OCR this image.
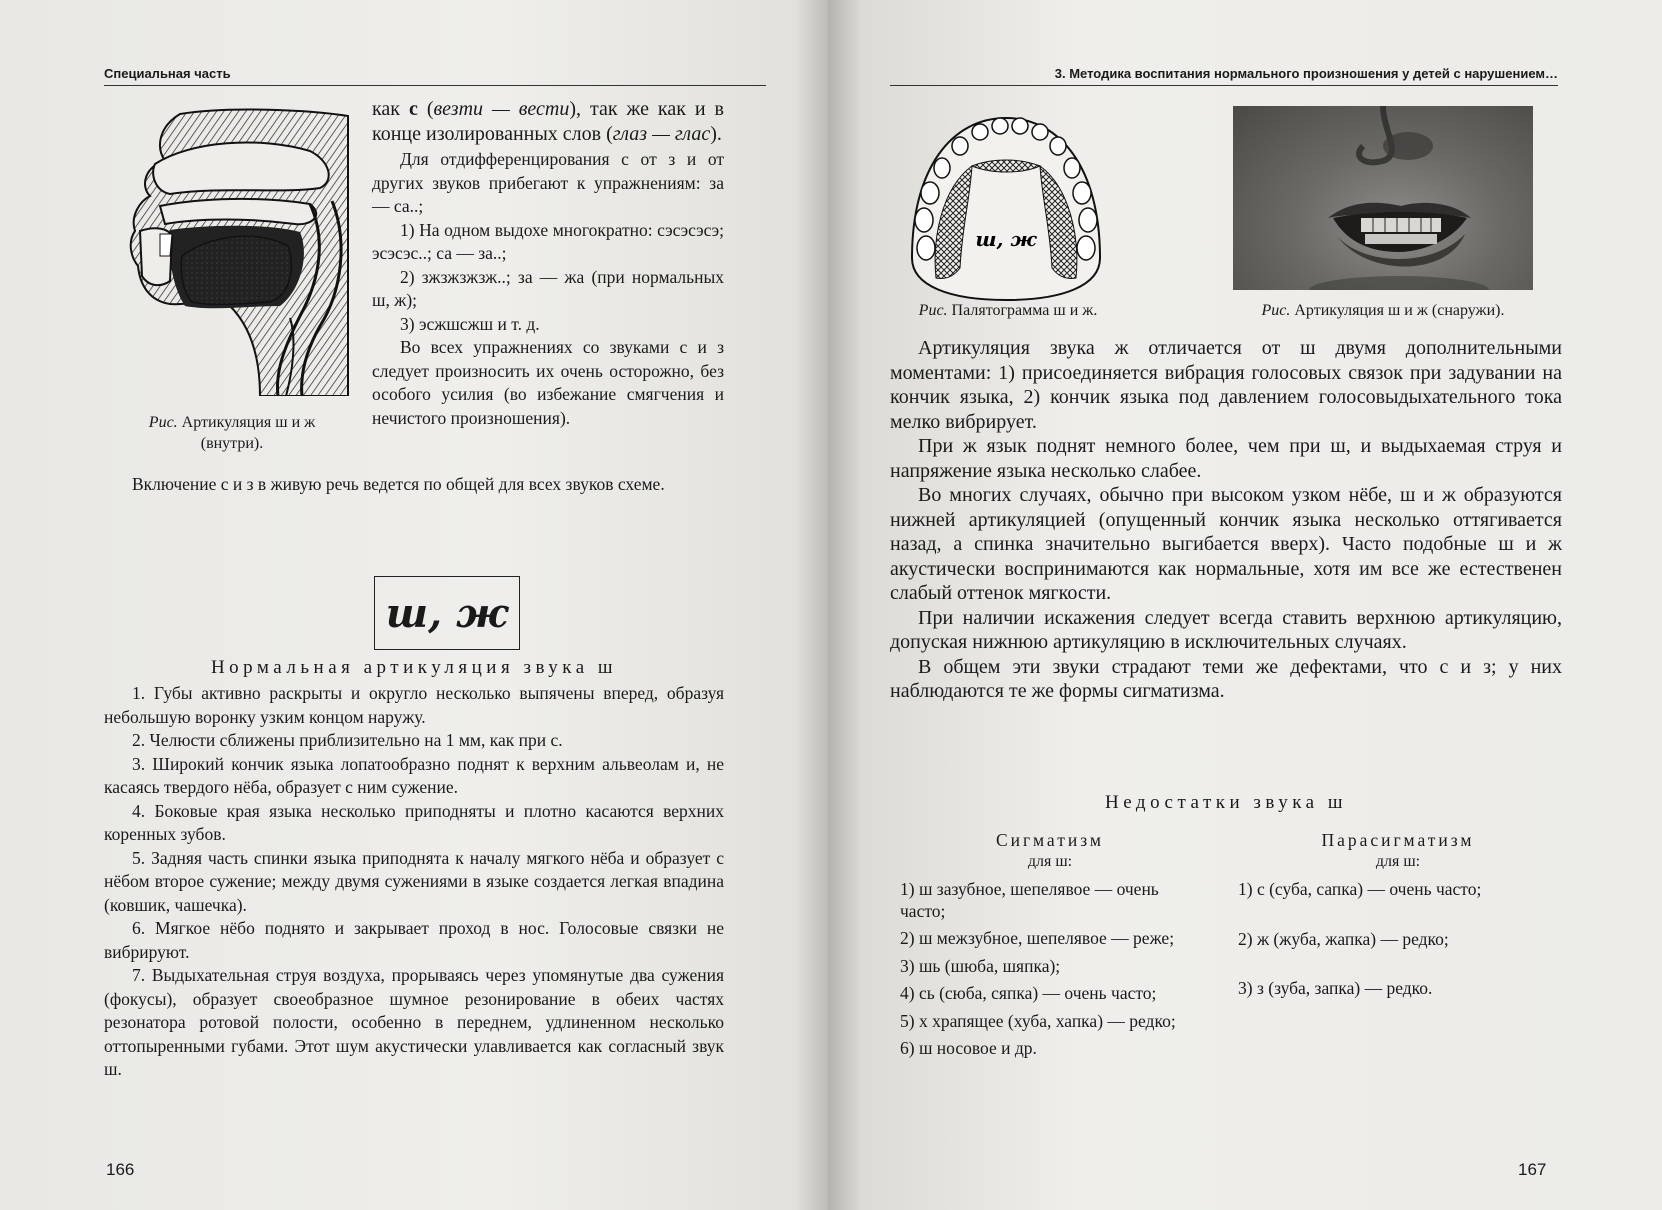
Специальная часть
Рис. Артикуляция ш и ж
(внутри).

как с (везти — вести), так же как и в конце изолированных слов (глаз — глас).

Для отдифференцирования с от з и от других звуков прибегают к упражнениям: за — са..;

1) На одном выдохе многократно: сэсэсэсэ; эсэсэс..; са — за..;

2) зжзжзжзж..; за — жа (при нормальных ш, ж);

3) эсжшсжш и т. д.

Во всех упражнениях со звуками с и з следует произносить их очень осторожно, без особого усилия (во избежание смягчения и нечистого произношения).

Включение с и з в живую речь ведется по общей для всех звуков схеме.

ш, ж
Нормальная артикуляция звука ш

1. Губы активно раскрыты и округло несколько выпячены вперед, образуя небольшую воронку узким концом наружу.

2. Челюсти сближены приблизительно на 1 мм, как при с.

3. Широкий кончик языка лопатообразно поднят к верхним альвеолам и, не касаясь твердого нёба, образует с ним сужение.

4. Боковые края языка несколько приподняты и плотно касаются верхних коренных зубов.

5. Задняя часть спинки языка приподнята к началу мягкого нёба и образует с нёбом второе сужение; между двумя сужениями в языке создается легкая впадина (ковшик, чашечка).

6. Мягкое нёбо поднято и закрывает проход в нос. Голосовые связки не вибрируют.

7. Выдыхательная струя воздуха, прорываясь через упомянутые два сужения (фокусы), образует своеобразное шумное резонирование в обеих частях резонатора ротовой полости, особенно в переднем, удлиненном несколько оттопыренными губами. Этот шум акустически улавливается как согласный звук ш.

166
3. Методика воспитания нормального произношения у детей с нарушением…
ш, ж
Рис. Палятограмма ш и ж.	Рис. Артикуляция ш и ж (снаружи).

Артикуляция звука ж отличается от ш двумя дополнительными моментами: 1) присоединяется вибрация голосовых связок при задувании на кончик языка, 2) кончик языка под давлением голосовыдыхательного тока мелко вибрирует.

При ж язык поднят немного более, чем при ш, и выдыхаемая струя и напряжение языка несколько слабее.

Во многих случаях, обычно при высоком узком нёбе, ш и ж образуются нижней артикуляцией (опущенный кончик языка несколько оттягивается назад, а спинка значительно выгибается вверх). Часто подобные ш и ж акустически воспринимаются как нормальные, хотя им все же естественен слабый оттенок мягкости.

При наличии искажения следует всегда ставить верхнюю артикуляцию, допуская нижнюю артикуляцию в исключительных случаях.

В общем эти звуки страдают теми же дефектами, что с и з; у них наблюдаются те же формы сигматизма.

Недостатки звука ш

Сигматизм

для ш:

1) ш зазубное, шепелявое — очень часто;

2) ш межзубное, шепелявое — реже;

3) шь (шюба, шяпка);

4) сь (сюба, сяпка) — очень часто;

5) х храпящее (хуба, хапка) — редко;

6) ш носовое и др.

Парасигматизм

для ш:

1) с (суба, сапка) — очень часто;

2) ж (жуба, жапка) — редко;

3) з (зуба, запка) — редко.

167
